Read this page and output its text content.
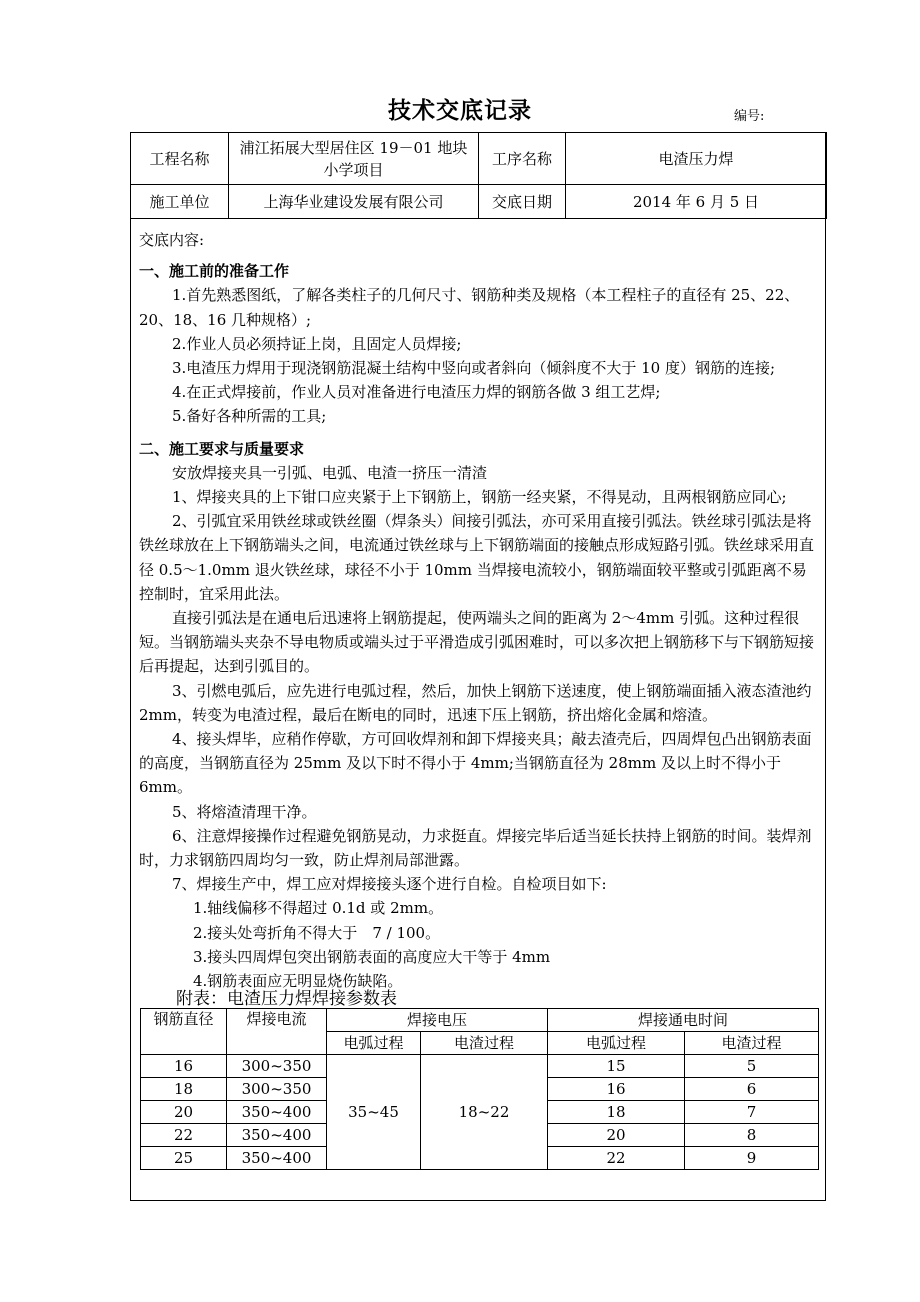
技术交底记录	编号:
工程名称	浦江拓展大型居住区 19－01 地块小学项目	工序名称	电渣压力焊
施工单位	上海华业建设发展有限公司	交底日期	2014 年 6 月 5 日

交底内容:

一、施工前的准备工作

1.首先熟悉图纸，了解各类柱子的几何尺寸、钢筋种类及规格（本工程柱子的直径有 25、22、20、18、16 几种规格）;

2.作业人员必须持证上岗，且固定人员焊接;

3.电渣压力焊用于现浇钢筋混凝土结构中竖向或者斜向（倾斜度不大于 10 度）钢筋的连接;

4.在正式焊接前，作业人员对准备进行电渣压力焊的钢筋各做 3 组工艺焊;

5.备好各种所需的工具;

二、施工要求与质量要求

安放焊接夹具一引弧、电弧、电渣一挤压一清渣

1、焊接夹具的上下钳口应夹紧于上下钢筋上，钢筋一经夹紧，不得晃动，且两根钢筋应同心;

2、引弧宜采用铁丝球或铁丝圈（焊条头）间接引弧法，亦可采用直接引弧法。铁丝球引弧法是将铁丝球放在上下钢筋端头之间，电流通过铁丝球与上下钢筋端面的接触点形成短路引弧。铁丝球采用直径 0.5～1.0mm 退火铁丝球，球径不小于 10mm 当焊接电流较小，钢筋端面较平整或引弧距离不易控制时，宜采用此法。

直接引弧法是在通电后迅速将上钢筋提起，使两端头之间的距离为 2～4mm 引弧。这种过程很短。当钢筋端头夹杂不导电物质或端头过于平滑造成引弧困难时，可以多次把上钢筋移下与下钢筋短接后再提起，达到引弧目的。

3、引燃电弧后，应先进行电弧过程，然后，加快上钢筋下送速度，使上钢筋端面插入液态渣池约 2mm，转变为电渣过程，最后在断电的同时，迅速下压上钢筋，挤出熔化金属和熔渣。

4、接头焊毕，应稍作停歇，方可回收焊剂和卸下焊接夹具；敲去渣壳后，四周焊包凸出钢筋表面的高度，当钢筋直径为 25mm 及以下时不得小于 4mm;当钢筋直径为 28mm 及以上时不得小于 6mm。

5、将熔渣清理干净。

6、注意焊接操作过程避免钢筋晃动，力求挺直。焊接完毕后适当延长扶持上钢筋的时间。装焊剂时，力求钢筋四周均匀一致，防止焊剂局部泄露。

7、焊接生产中，焊工应对焊接接头逐个进行自检。自检项目如下:

1.轴线偏移不得超过 0.1d 或 2mm。

2.接头处弯折角不得大于　7 / 100。

3.接头四周焊包突出钢筋表面的高度应大干等于 4mm

4.钢筋表面应无明显烧伤缺陷。

附表：电渣压力焊焊接参数表
钢筋直径	焊接电流	焊接电压		焊接通电时间	
		电弧过程	电渣过程	电弧过程	电渣过程
16	300~350	35~45	18~22	15	5
18	300~350			16	6
20	350~400			18	7
22	350~400			20	8
25	350~400			22	9
